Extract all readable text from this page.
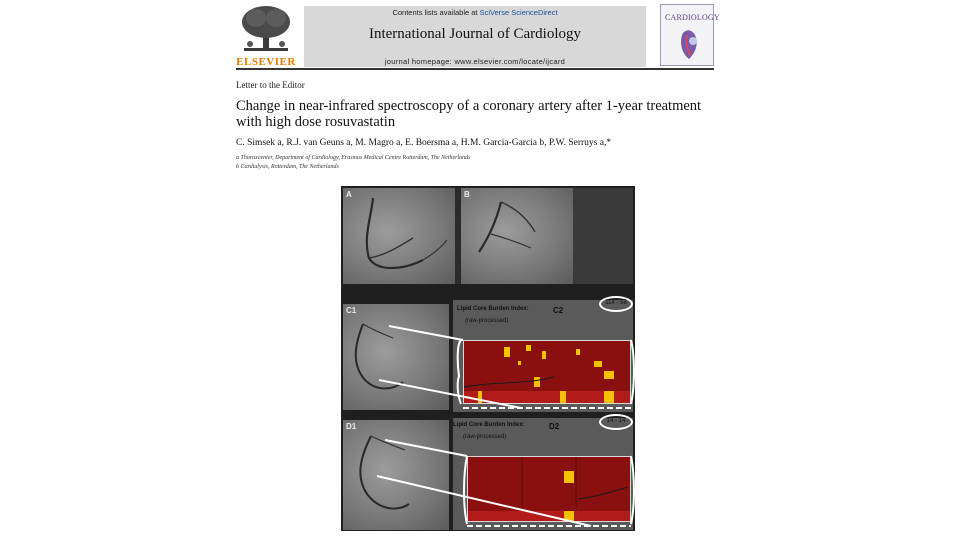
ELSEVIER
Contents lists available at SciVerse ScienceDirect
International Journal of Cardiology
journal homepage: www.elsevier.com/locate/ijcard
CARDIOLOGY
Letter to the Editor
Change in near-infrared spectroscopy of a coronary artery after 1-year treatment
with high dose rosuvastatin
C. Simsek a, R.J. van Geuns a, M. Magro a, E. Boersma a, H.M. Garcia-Garcia b, P.W. Serruys a,*
a Thoraxcenter, Department of Cardiology, Erasmus Medical Centre Rotterdam, The Netherlands
b Cardialysis, Rotterdam, The Netherlands
A	B
C1	Lipid Core Burden Index:
(raw-processed)
C2
114 - 58
D1	Lipid Core Burden Index:
(raw-processed)
D2
14 - 14
